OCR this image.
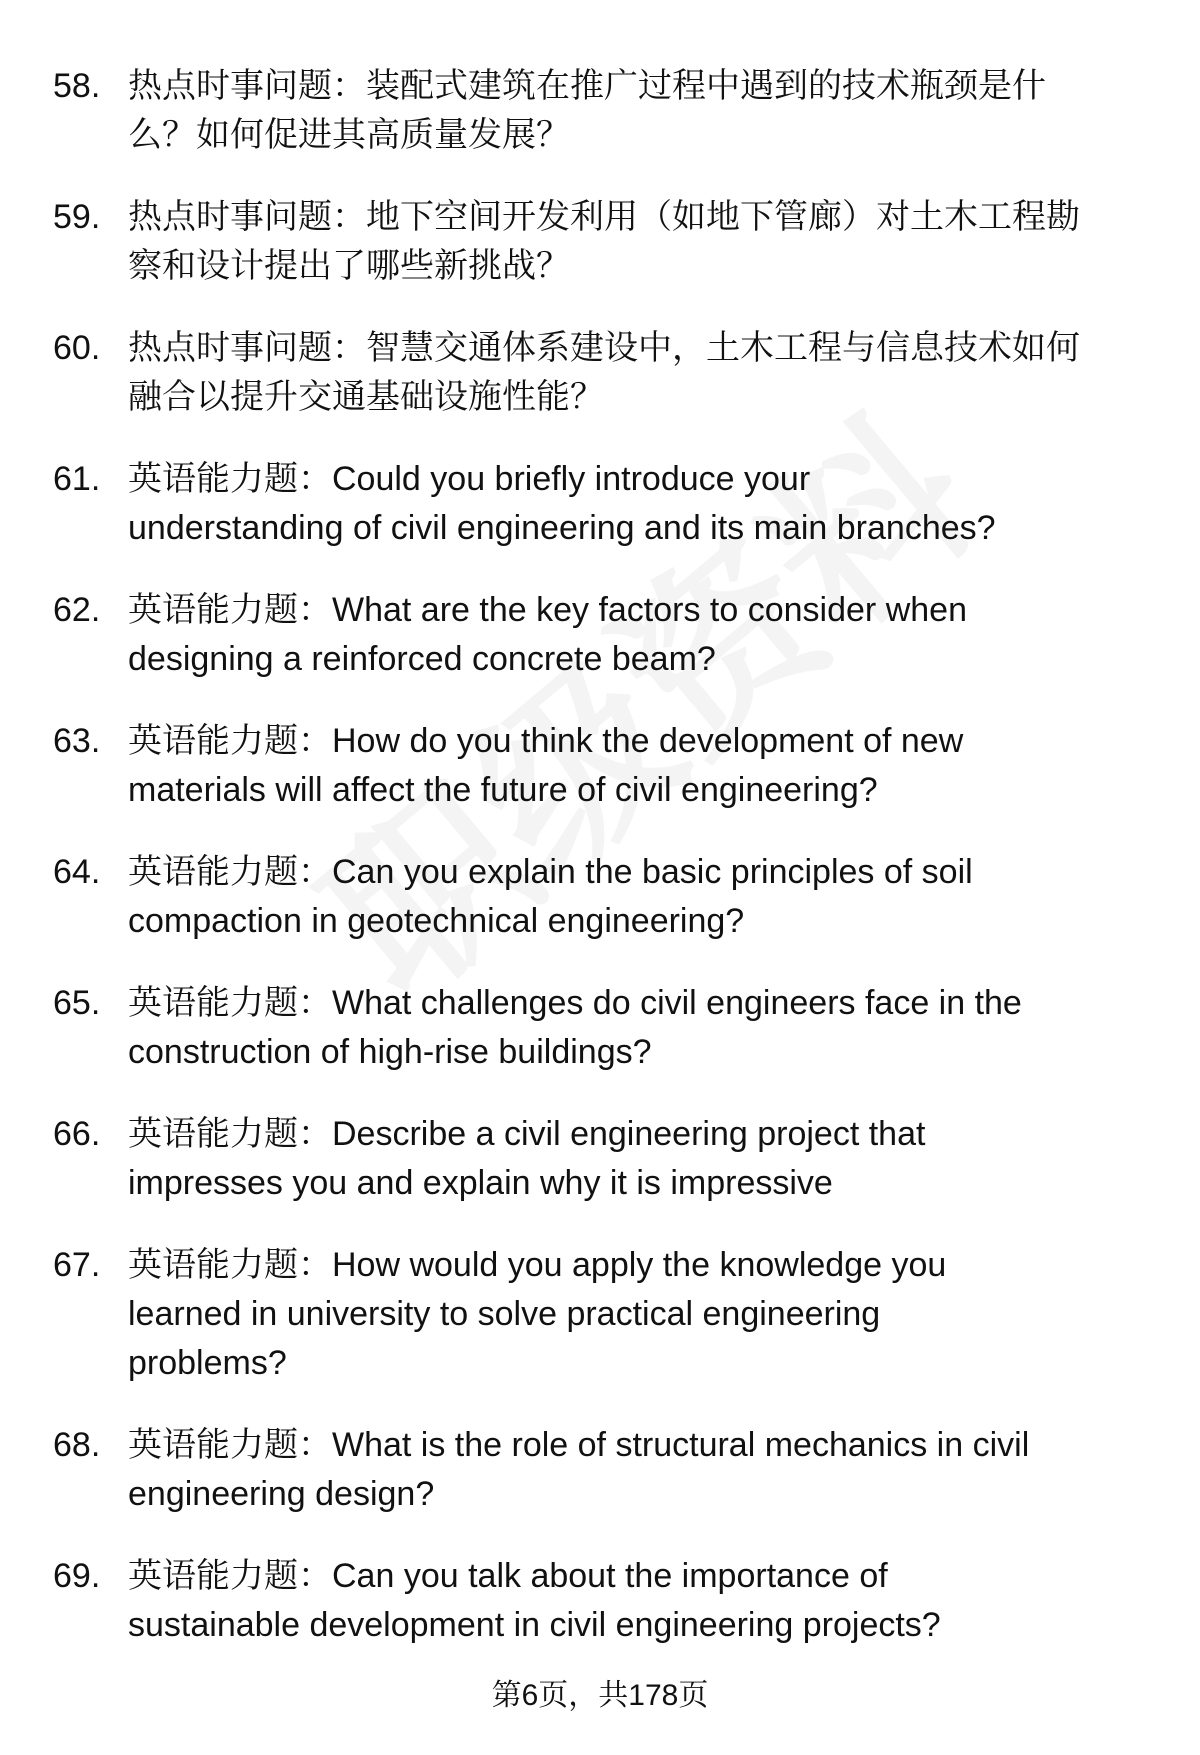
58. 热点时事问题：装配式建筑在推广过程中遇到的技术瓶颈是什
么？如何促进其高质量发展？
59. 热点时事问题：地下空间开发利用（如地下管廊）对土木工程勘
察和设计提出了哪些新挑战？
60. 热点时事问题：智慧交通体系建设中，土木工程与信息技术如何
融合以提升交通基础设施性能？
61. 英语能力题：Could you briefly introduce your
understanding of civil engineering and its main branches?
62. 英语能力题：What are the key factors to consider when
designing a reinforced concrete beam?
63. 英语能力题：How do you think the development of new
materials will affect the future of civil engineering?
64. 英语能力题：Can you explain the basic principles of soil
compaction in geotechnical engineering?
65. 英语能力题：What challenges do civil engineers face in the
construction of high-rise buildings?
66. 英语能力题：Describe a civil engineering project that
impresses you and explain why it is impressive
67. 英语能力题：How would you apply the knowledge you
learned in university to solve practical engineering
problems?
68. 英语能力题：What is the role of structural mechanics in civil
engineering design?
69. 英语能力题：Can you talk about the importance of
sustainable development in civil engineering projects?
第6页，共178页
